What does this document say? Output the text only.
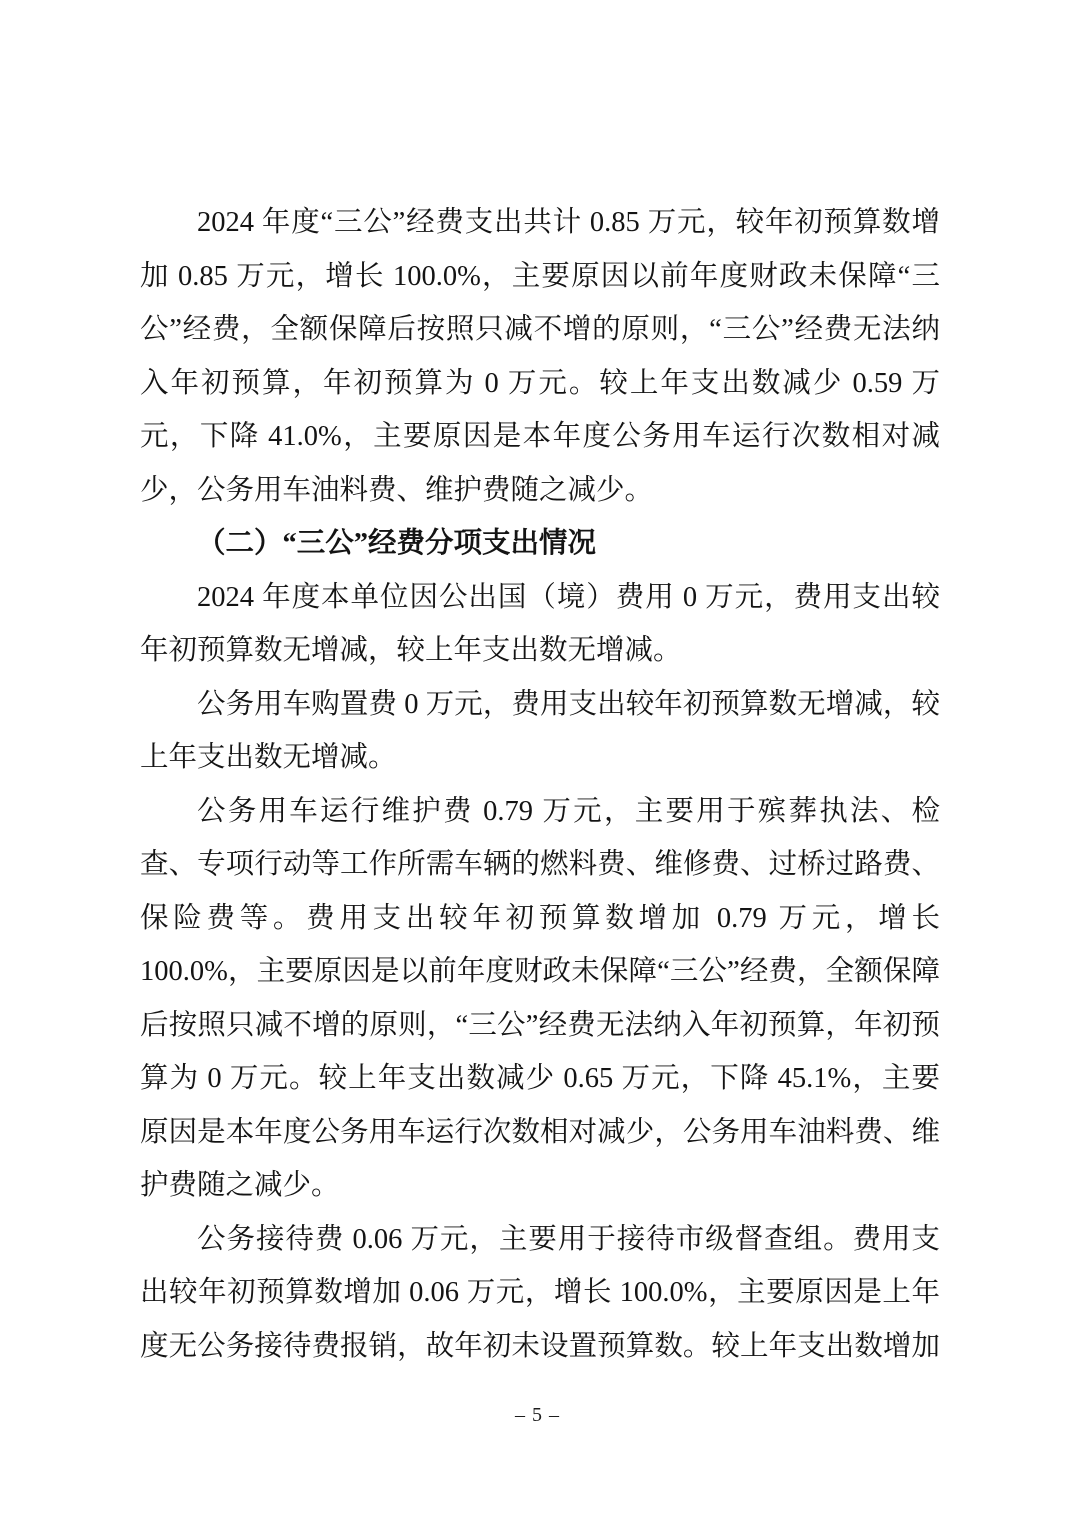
2024 年度“三公”经费支出共计 0.85 万元，较年初预算数增加 0.85 万元，增长 100.0%，主要原因以前年度财政未保障“三公”经费，全额保障后按照只减不增的原则，“三公”经费无法纳入年初预算，年初预算为 0 万元。较上年支出数减少 0.59 万元，下降 41.0%，主要原因是本年度公务用车运行次数相对减少，公务用车油料费、维护费随之减少。

（二）“三公”经费分项支出情况

2024 年度本单位因公出国（境）费用 0 万元，费用支出较年初预算数无增减，较上年支出数无增减。

公务用车购置费 0 万元，费用支出较年初预算数无增减，较上年支出数无增减。

公务用车运行维护费 0.79 万元，主要用于殡葬执法、检查、专项行动等工作所需车辆的燃料费、维修费、过桥过路费、保险费等。费用支出较年初预算数增加 0.79 万元，增长 100.0%，主要原因是以前年度财政未保障“三公”经费，全额保障后按照只减不增的原则，“三公”经费无法纳入年初预算，年初预算为 0 万元。较上年支出数减少 0.65 万元，下降 45.1%，主要原因是本年度公务用车运行次数相对减少，公务用车油料费、维护费随之减少。

公务接待费 0.06 万元，主要用于接待市级督查组。费用支出较年初预算数增加 0.06 万元，增长 100.0%，主要原因是上年度无公务接待费报销，故年初未设置预算数。较上年支出数增加

– 5 –
